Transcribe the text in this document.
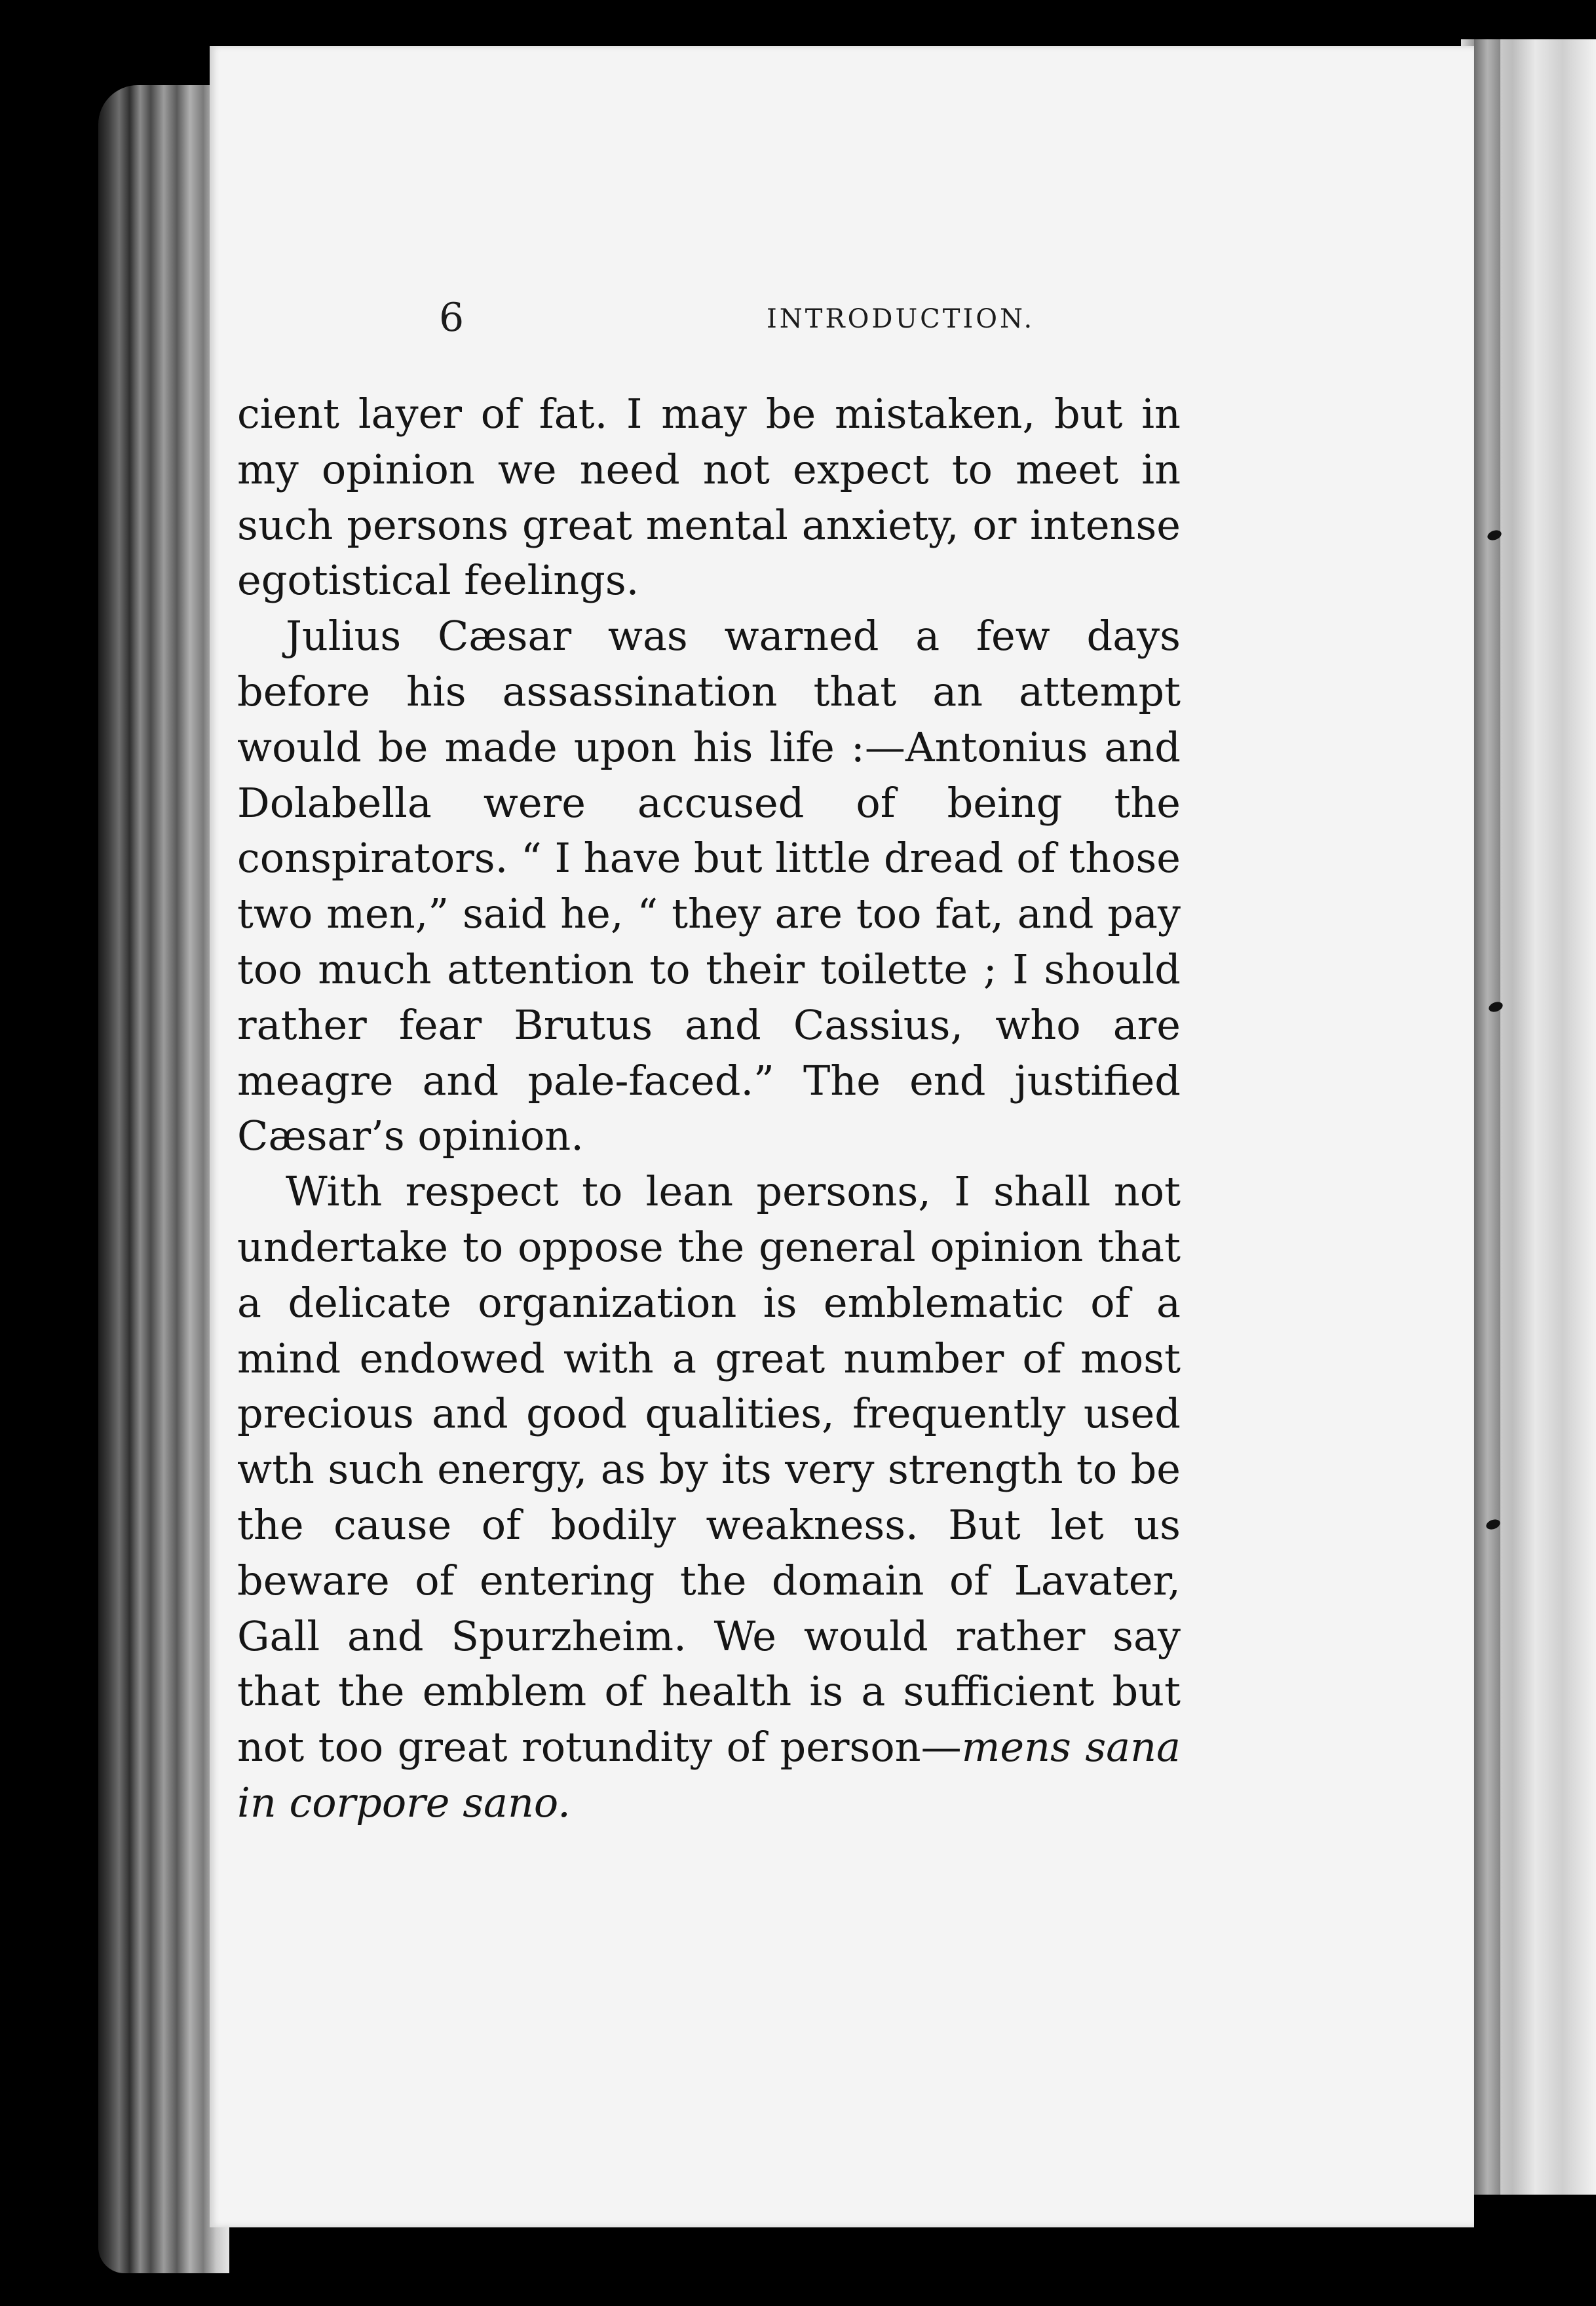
6	INTRODUCTION.

cient layer of fat. I may be mistaken, but in my opinion we need not expect to meet in such persons great mental anxiety, or intense egotistical feelings.

Julius Cæsar was warned a few days before his assassination that an attempt would be made upon his life :—Antonius and Dolabella were accused of being the conspirators. “ I have but little dread of those two men,” said he, “ they are too fat, and pay too much attention to their toilette ; I should rather fear Brutus and Cassius, who are meagre and pale-faced.” The end justified Cæsar’s opinion.

With respect to lean persons, I shall not undertake to oppose the general opinion that a delicate organization is emblematic of a mind endowed with a great number of most precious and good qualities, frequently used wth such energy, as by its very strength to be the cause of bodily weakness. But let us beware of entering the domain of Lavater, Gall and Spurzheim. We would rather say that the emblem of health is a sufficient but not too great rotundity of person—mens sana in corpore sano.
